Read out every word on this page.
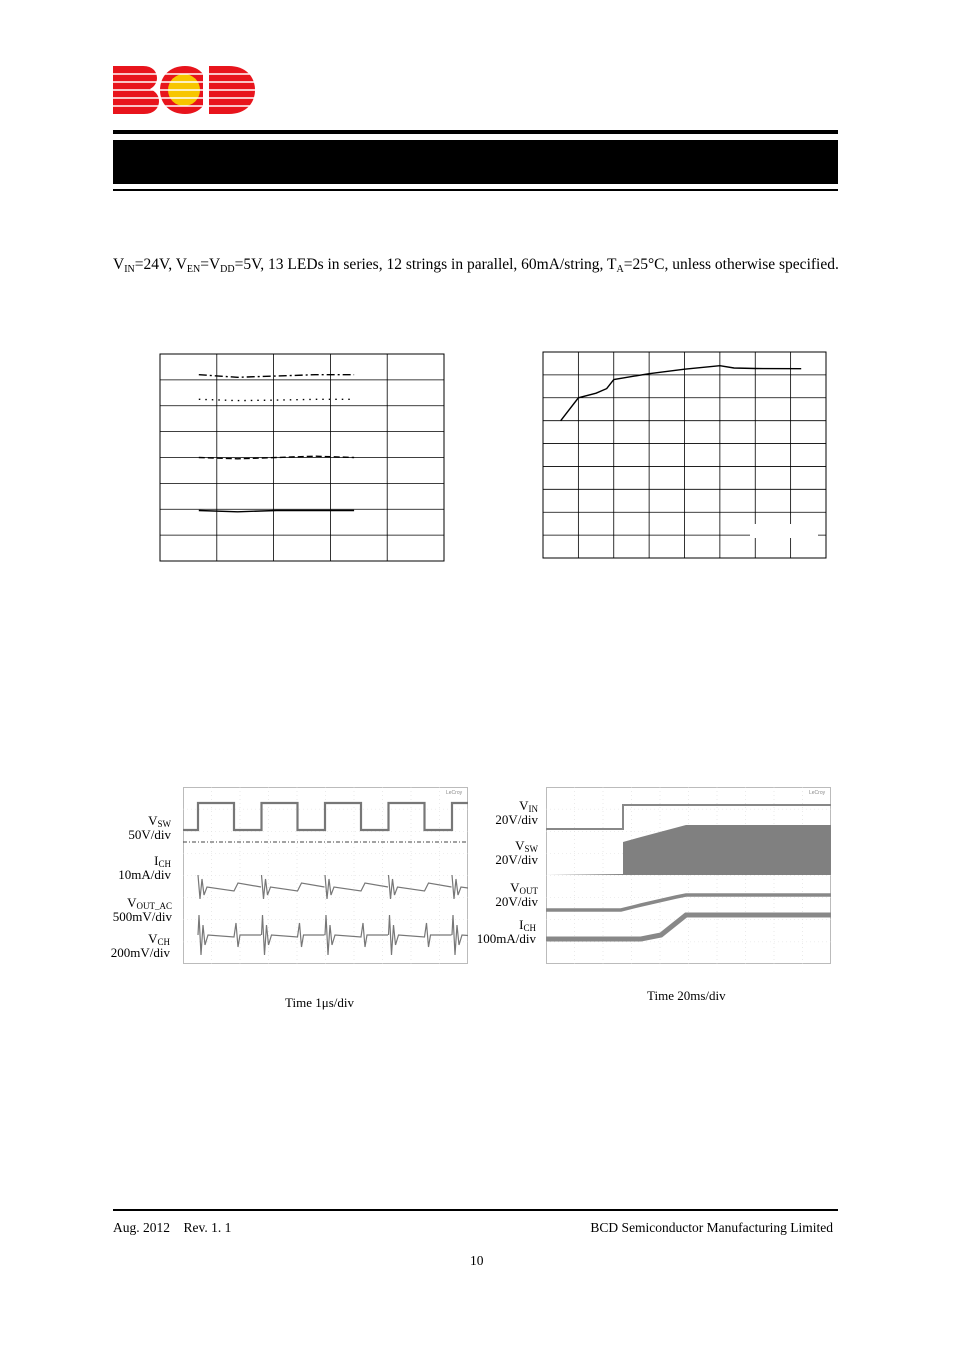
$V_{IN}=24V$, $V_{EN}=V_{DD}=5V$, 13 LEDs in series, 12 strings in parallel, 60mA/string, $T_A=25^\circ C$, unless otherwise specified.
LeCroy
$V_{SW}$
50V/div
$I_{CH}$
10mA/div
$V_{OUT\_AC}$
500mV/div
$V_{CH}$
200mV/div
Time 1μs/div
LeCroy
$V_{IN}$
20V/div
$V_{SW}$
20V/div
$V_{OUT}$
20V/div
$I_{CH}$
100mA/div
Time 20ms/div
Aug. 2012    Rev. 1. 1	BCD Semiconductor Manufacturing Limited
10
